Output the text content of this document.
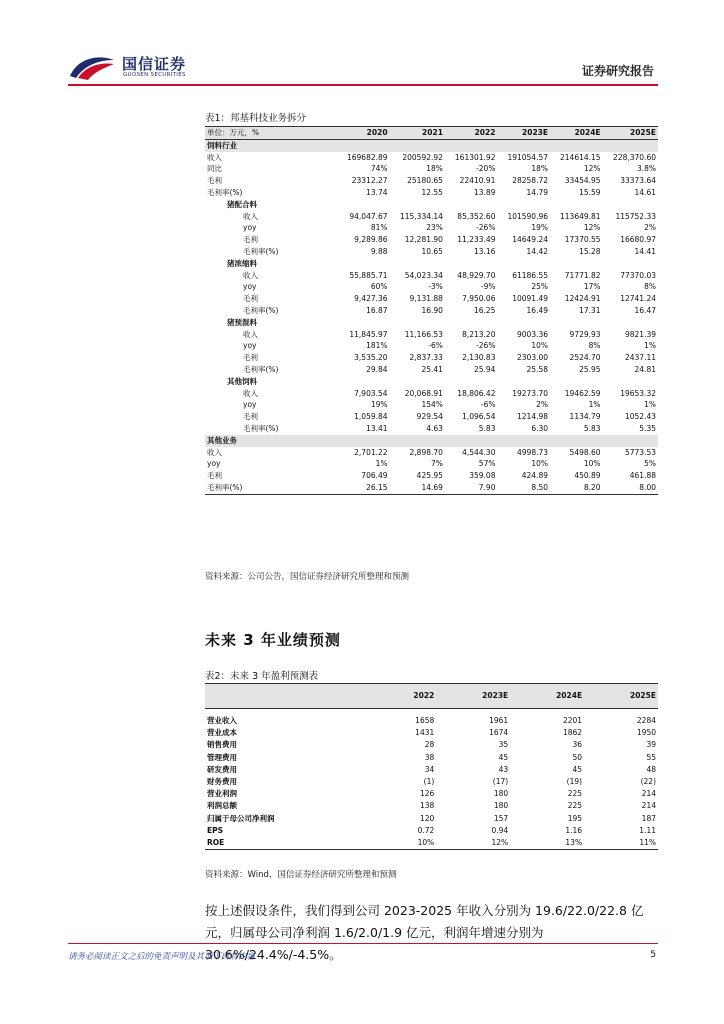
国信证券
GUOSEN SECURITIES	证券研究报告
表1：邦基科技业务拆分
单位：万元，%	2020	2021	2022	2023E	2024E	2025E
饲料行业						
收入	169682.89	200592.92	161301.92	191054.57	214614.15	228,370.60
同比	74%	18%	-20%	18%	12%	3.8%
毛利	23312.27	25180.65	22410.91	28258.72	33454.95	33373.64
毛利率(%)	13.74	12.55	13.89	14.79	15.59	14.61
猪配合料						
收入	94,047.67	115,334.14	85,352.60	101590.96	113649.81	115752.33
yoy	81%	23%	-26%	19%	12%	2%
毛利	9,289.86	12,281.90	11,233.49	14649.24	17370.55	16680.97
毛利率(%)	9.88	10.65	13.16	14.42	15.28	14.41
猪浓缩料						
收入	55,885.71	54,023.34	48,929.70	61186.55	71771.82	77370.03
yoy	60%	-3%	-9%	25%	17%	8%
毛利	9,427.36	9,131.88	7,950.06	10091.49	12424.91	12741.24
毛利率(%)	16.87	16.90	16.25	16.49	17.31	16.47
猪预混料						
收入	11,845.97	11,166.53	8,213.20	9003.36	9729.93	9821.39
yoy	181%	-6%	-26%	10%	8%	1%
毛利	3,535.20	2,837.33	2,130.83	2303.00	2524.70	2437.11
毛利率(%)	29.84	25.41	25.94	25.58	25.95	24.81
其他饲料						
收入	7,903.54	20,068.91	18,806.42	19273.70	19462.59	19653.32
yoy	19%	154%	-6%	2%	1%	1%
毛利	1,059.84	929.54	1,096.54	1214.98	1134.79	1052.43
毛利率(%)	13.41	4.63	5.83	6.30	5.83	5.35
其他业务						
收入	2,701.22	2,898.70	4,544.30	4998.73	5498.60	5773.53
yoy	1%	7%	57%	10%	10%	5%
毛利	706.49	425.95	359.08	424.89	450.89	461.88
毛利率(%)	26.15	14.69	7.90	8.50	8.20	8.00
资料来源：公司公告，国信证券经济研究所整理和预测
未来 3 年业绩预测
表2：未来 3 年盈利预测表
	2022	2023E	2024E	2025E
营业收入	1658	1961	2201	2284
营业成本	1431	1674	1862	1950
销售费用	28	35	36	39
管理费用	38	45	50	55
研发费用	34	43	45	48
财务费用	(1)	(17)	(19)	(22)
营业利润	126	180	225	214
利润总额	138	180	225	214
归属于母公司净利润	120	157	195	187
EPS	0.72	0.94	1.16	1.11
ROE	10%	12%	13%	11%
资料来源：Wind、国信证券经济研究所整理和预测
按上述假设条件，我们得到公司 2023-2025 年收入分别为 19.6/22.0/22.8 亿元，归属母公司净利润 1.6/2.0/1.9 亿元，利润年增速分别为 30.6%/24.4%/-4.5%。
请务必阅读正文之后的免责声明及其项下所有内容	5
